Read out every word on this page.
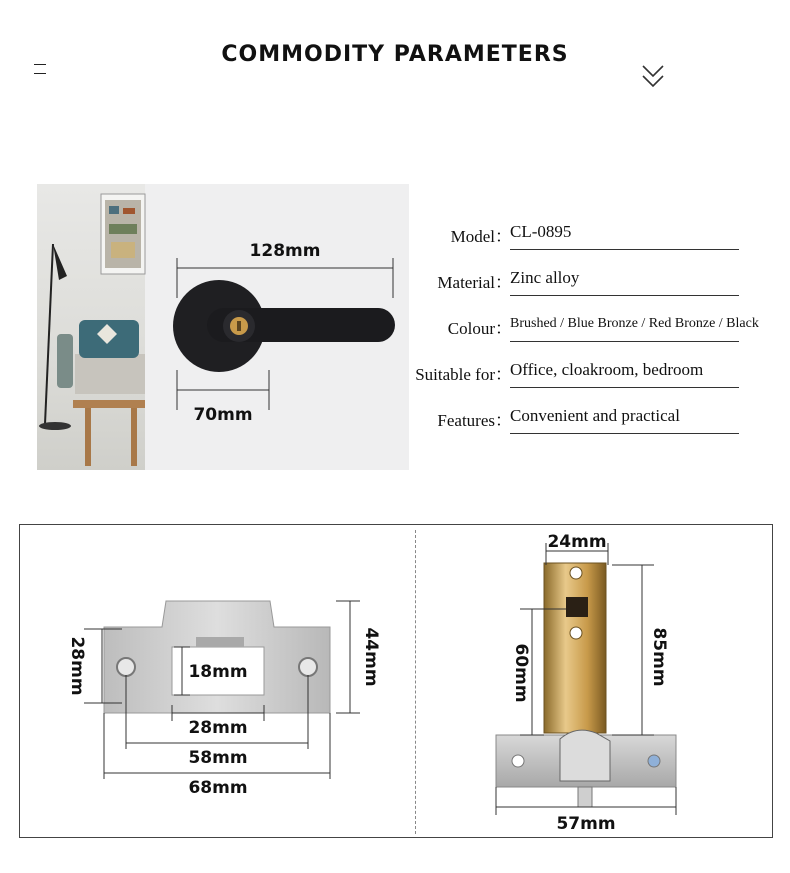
COMMODITY PARAMETERS
128mm
70mm
Model：
CL-0895
Material：
Zinc alloy
Colour：
Brushed / Blue Bronze / Red Bronze / Black
Suitable for：
Office, cloakroom, bedroom
Features：
Convenient and practical
28mm	18mm
28mm
58mm
68mm
44mm
24mm
60mm	85mm
57mm
